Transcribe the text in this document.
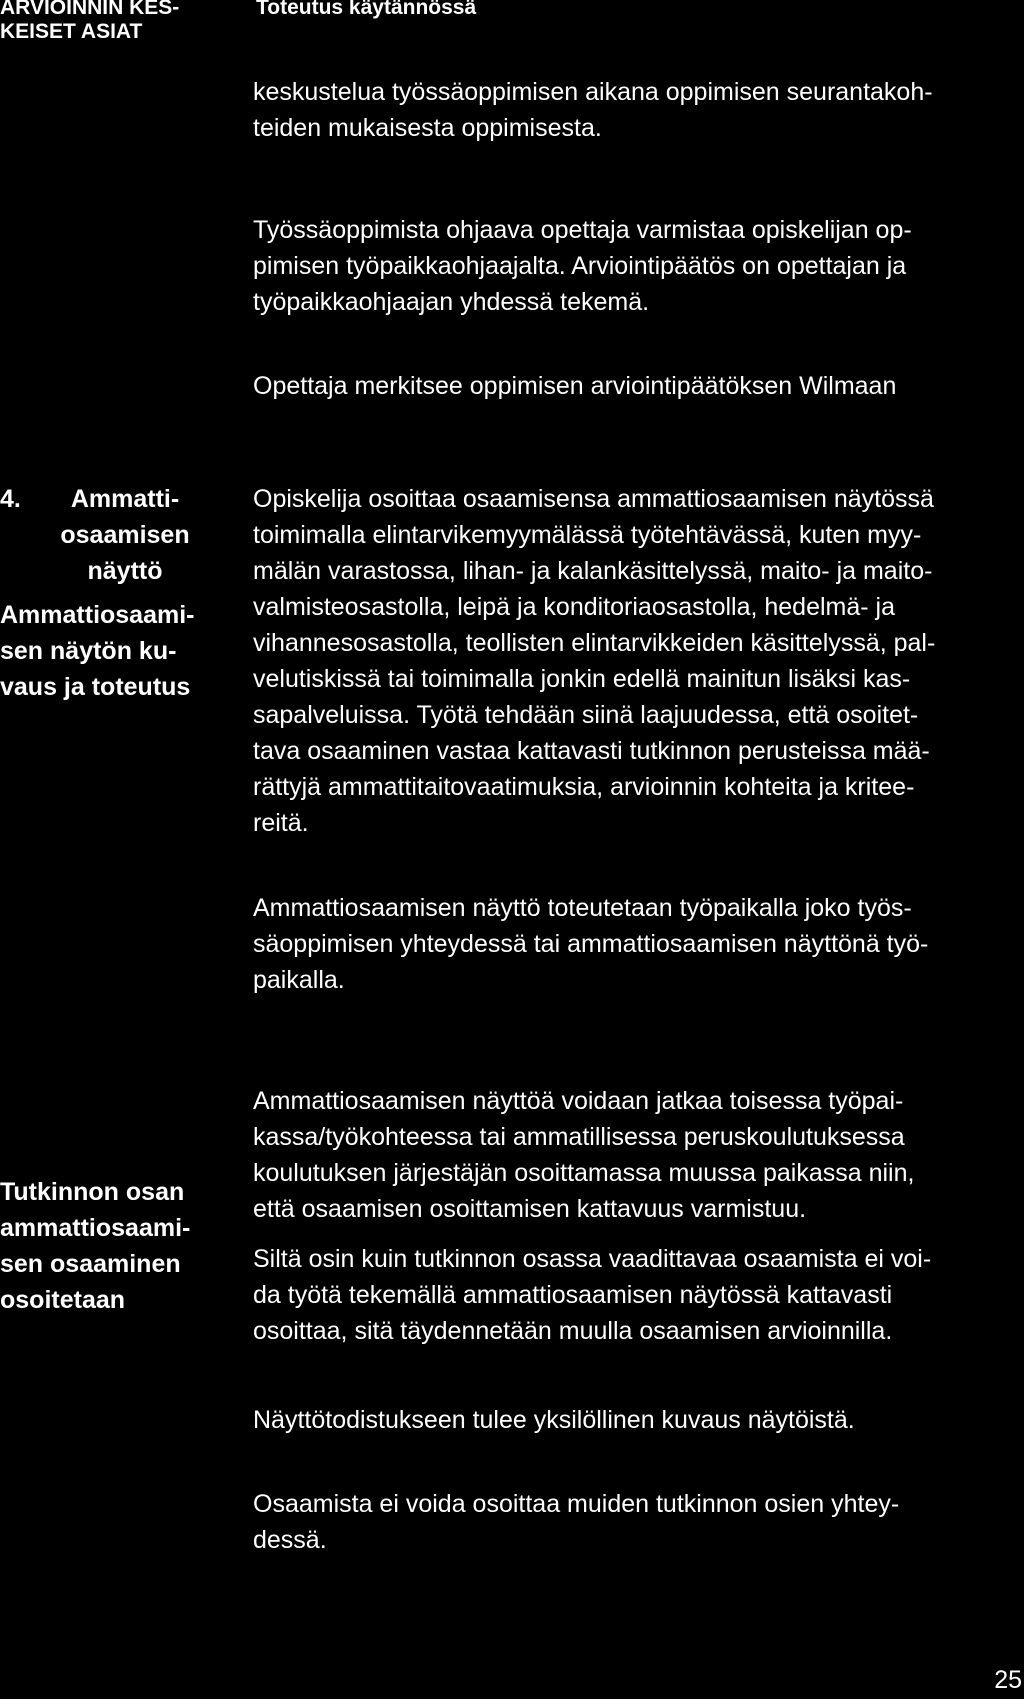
ARVIOINNIN KES-
KEISET ASIAT
Toteutus käytännössä
keskustelua työssäoppimisen aikana oppimisen seurantakoh-
teiden mukaisesta oppimisesta.
Työssäoppimista ohjaava opettaja varmistaa opiskelijan op-
pimisen työpaikkaohjaajalta. Arviointipäätös on opettajan ja
työpaikkaohjaajan yhdessä tekemä.
Opettaja merkitsee oppimisen arviointipäätöksen Wilmaan
4.	Ammatti-
osaamisen
näyttö
Ammattiosaami-
sen näytön ku-
vaus ja toteutus
Opiskelija osoittaa osaamisensa ammattiosaamisen näytössä
toimimalla elintarvikemyymälässä työtehtävässä, kuten myy-
mälän varastossa, lihan- ja kalankäsittelyssä, maito- ja maito-
valmisteosastolla, leipä ja konditoriaosastolla, hedelmä- ja
vihannesosastolla, teollisten elintarvikkeiden käsittelyssä, pal-
velutiskissä tai toimimalla jonkin edellä mainitun lisäksi kas-
sapalveluissa. Työtä tehdään siinä laajuudessa, että osoitet-
tava osaaminen vastaa kattavasti tutkinnon perusteissa mää-
rättyjä ammattitaitovaatimuksia, arvioinnin kohteita ja kritee-
reitä.
Ammattiosaamisen näyttö toteutetaan työpaikalla joko työs-
säoppimisen yhteydessä tai ammattiosaamisen näyttönä työ-
paikalla.
Tutkinnon osan
ammattiosaami-
sen osaaminen
osoitetaan
Ammattiosaamisen näyttöä voidaan jatkaa toisessa työpai-
kassa/työkohteessa tai ammatillisessa peruskoulutuksessa
koulutuksen järjestäjän osoittamassa muussa paikassa niin,
että osaamisen osoittamisen kattavuus varmistuu.
Siltä osin kuin tutkinnon osassa vaadittavaa osaamista ei voi-
da työtä tekemällä ammattiosaamisen näytössä kattavasti
osoittaa, sitä täydennetään muulla osaamisen arvioinnilla.
Näyttötodistukseen tulee yksilöllinen kuvaus näytöistä.
Osaamista ei voida osoittaa muiden tutkinnon osien yhtey-
dessä.
25
